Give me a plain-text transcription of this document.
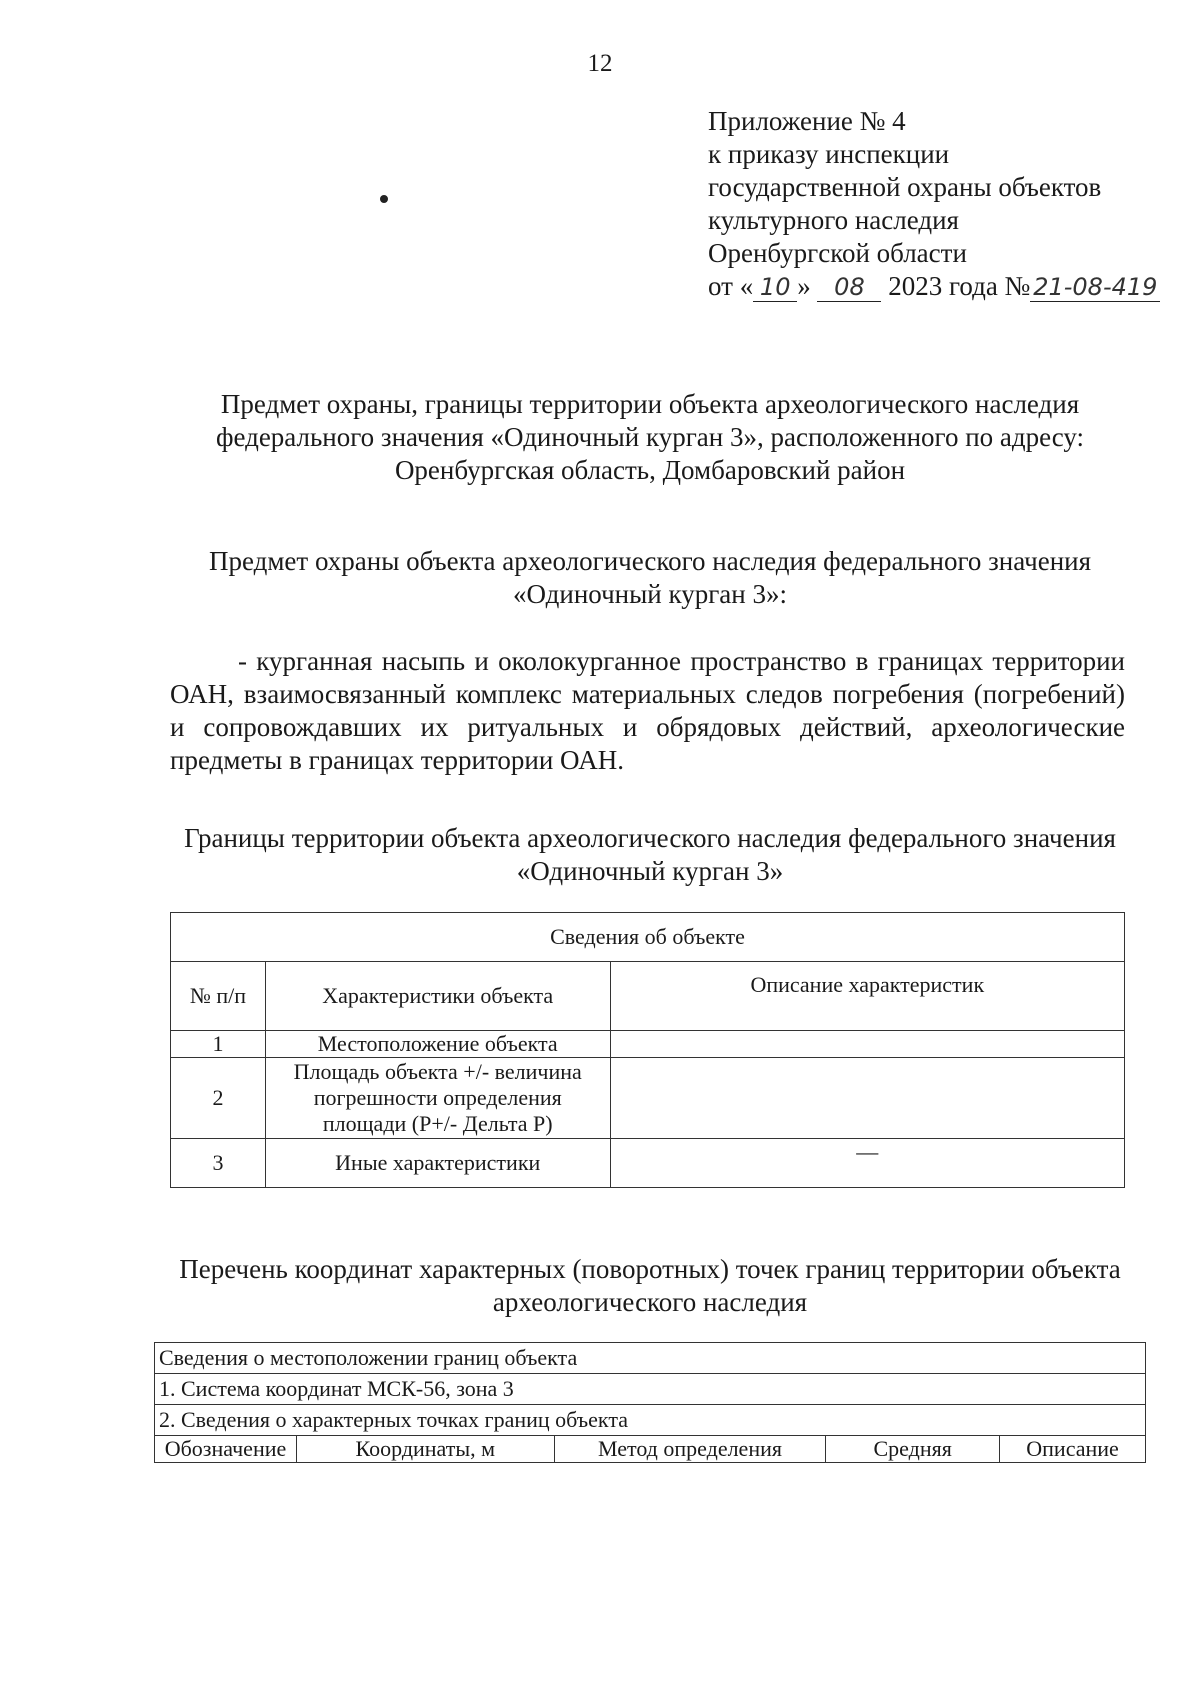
12
Приложение № 4
к приказу инспекции
государственной охраны объектов
культурного наследия
Оренбургской области
от « 10 » 08 2023 года № 21-08-419
Предмет охраны, границы территории объекта археологического наследия федерального значения «Одиночный курган 3», расположенного по адресу: Оренбургская область, Домбаровский район
Предмет охраны объекта археологического наследия федерального значения «Одиночный курган 3»:
- курганная насыпь и околокурганное пространство в границах территории ОАН, взаимосвязанный комплекс материальных следов погребения (погребений) и сопровождавших их ритуальных и обрядовых действий, археологические предметы в границах территории ОАН.
Границы территории объекта археологического наследия федерального значения «Одиночный курган 3»
Сведения об объекте		
№ п/п	Характеристики объекта	Описание характеристик
1	Местоположение объекта	
2	Площадь объекта +/- величина погрешности определения площади (P+/- Дельта P)	
3	Иные характеристики	—
Перечень координат характерных (поворотных) точек границ территории объекта археологического наследия
Сведения о местоположении границ объекта
1. Система координат МСК-56, зона 3
2. Сведения о характерных точках границ объекта
Обозначение	Координаты, м	Метод определения	Средняя	Описание
